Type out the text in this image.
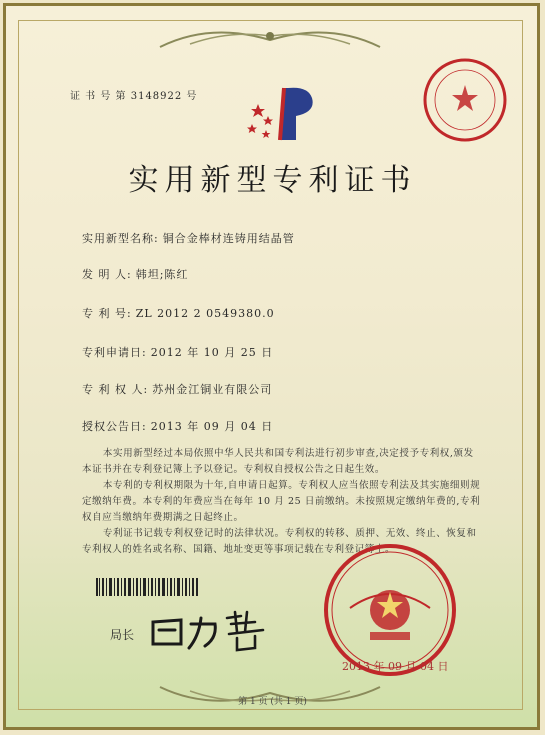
证 书 号 第 3148922 号
实用新型专利证书
实用新型名称: 铜合金棒材连铸用结晶管
发 明 人: 韩坦;陈红
专 利 号: ZL 2012 2 0549380.0
专利申请日: 2012 年 10 月 25 日
专 利 权 人: 苏州金江铜业有限公司
授权公告日: 2013 年 09 月 04 日

本实用新型经过本局依照中华人民共和国专利法进行初步审查,决定授予专利权,颁发本证书并在专利登记簿上予以登记。专利权自授权公告之日起生效。

本专利的专利权期限为十年,自申请日起算。专利权人应当依照专利法及其实施细则规定缴纳年费。本专利的年费应当在每年 10 月 25 日前缴纳。未按照规定缴纳年费的,专利权自应当缴纳年费期满之日起终止。

专利证书记载专利权登记时的法律状况。专利权的转移、质押、无效、终止、恢复和专利权人的姓名或名称、国籍、地址变更等事项记载在专利登记簿上。

局长
2013 年 09 月 04 日
第 1 页 (共 1 页)
